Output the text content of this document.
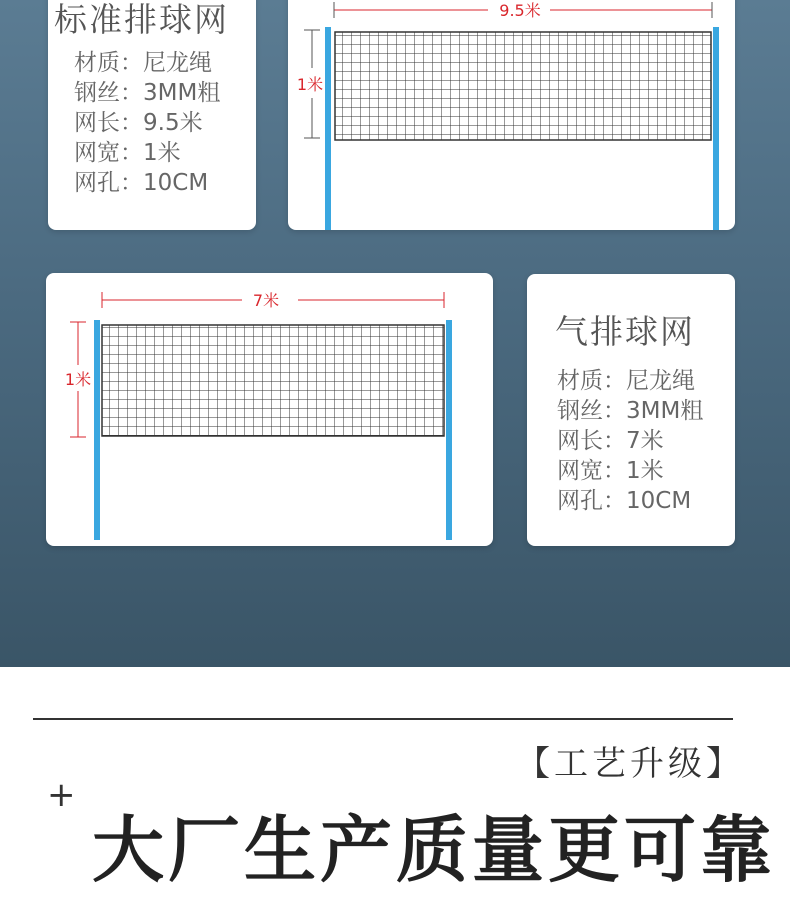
标准排球网
材质：尼龙绳
钢丝：3MM粗
网长：9.5米
网宽：1米
网孔：10CM
9.5米
1米
7米
1米
气排球网
材质：尼龙绳
钢丝：3MM粗
网长：7米
网宽：1米
网孔：10CM
【工艺升级】
+
大厂生产质量更可靠
